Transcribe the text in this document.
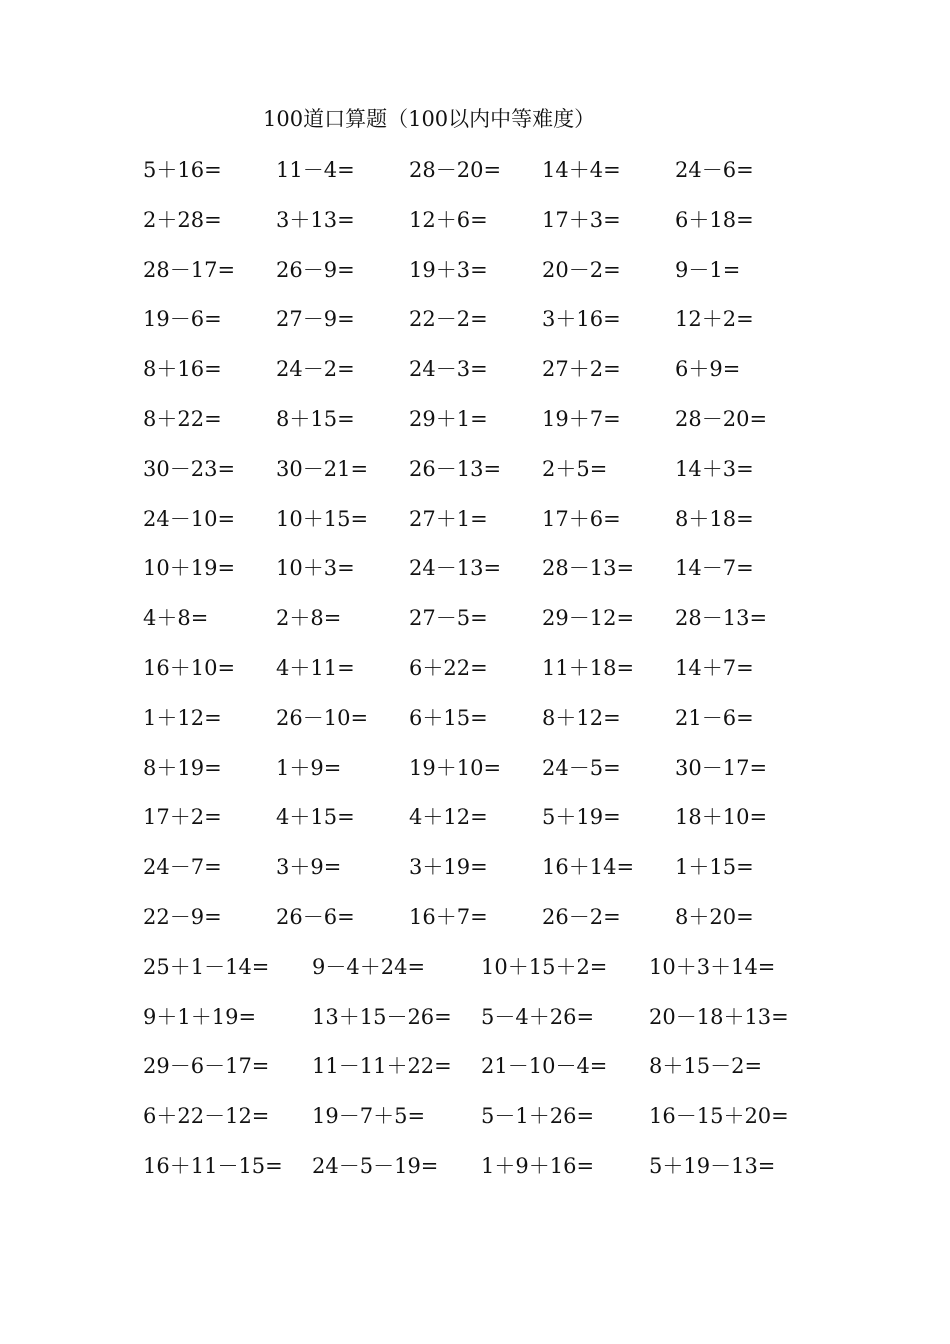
100道口算题（100以内中等难度）
5＋16=	11－4=	28－20= 14＋4=	24－6=
2＋28=	3＋13=	12＋6=	17＋3=	6＋18=
28－17= 26－9=	19＋3=	20－2=	9－1=
19－6=	27－9=	22－2=	3＋16=	12＋2=
8＋16=	24－2=	24－3=	27＋2=	6＋9=
8＋22=	8＋15=	29＋1=	19＋7=	28－20=
30－23= 30－21= 26－13= 2＋5=	14＋3=
24－10= 10＋15= 27＋1=	17＋6=	8＋18=
10＋19= 10＋3=	24－13= 28－13= 14－7=
4＋8=	2＋8=	27－5=	29－12= 28－13=
16＋10= 4＋11=	6＋22=	11＋18= 14＋7=
1＋12=	26－10= 6＋15=	8＋12=	21－6=
8＋19=	1＋9=	19＋10= 24－5=	30－17=
17＋2=	4＋15=	4＋12=	5＋19=	18＋10=
24－7=	3＋9=	3＋19=	16＋14= 1＋15=
22－9=	26－6=	16＋7=	26－2=	8＋20=
25＋1－14= 9－4＋24=	10＋15＋2= 10＋3＋14=
9＋1＋19=	13＋15－26= 5－4＋26=	20－18＋13=
29－6－17= 11－11＋22= 21－10－4= 8＋15－2=
6＋22－12= 19－7＋5=	5－1＋26=	16－15＋20=
16＋11－15= 24－5－19= 1＋9＋16=	5＋19－13=
